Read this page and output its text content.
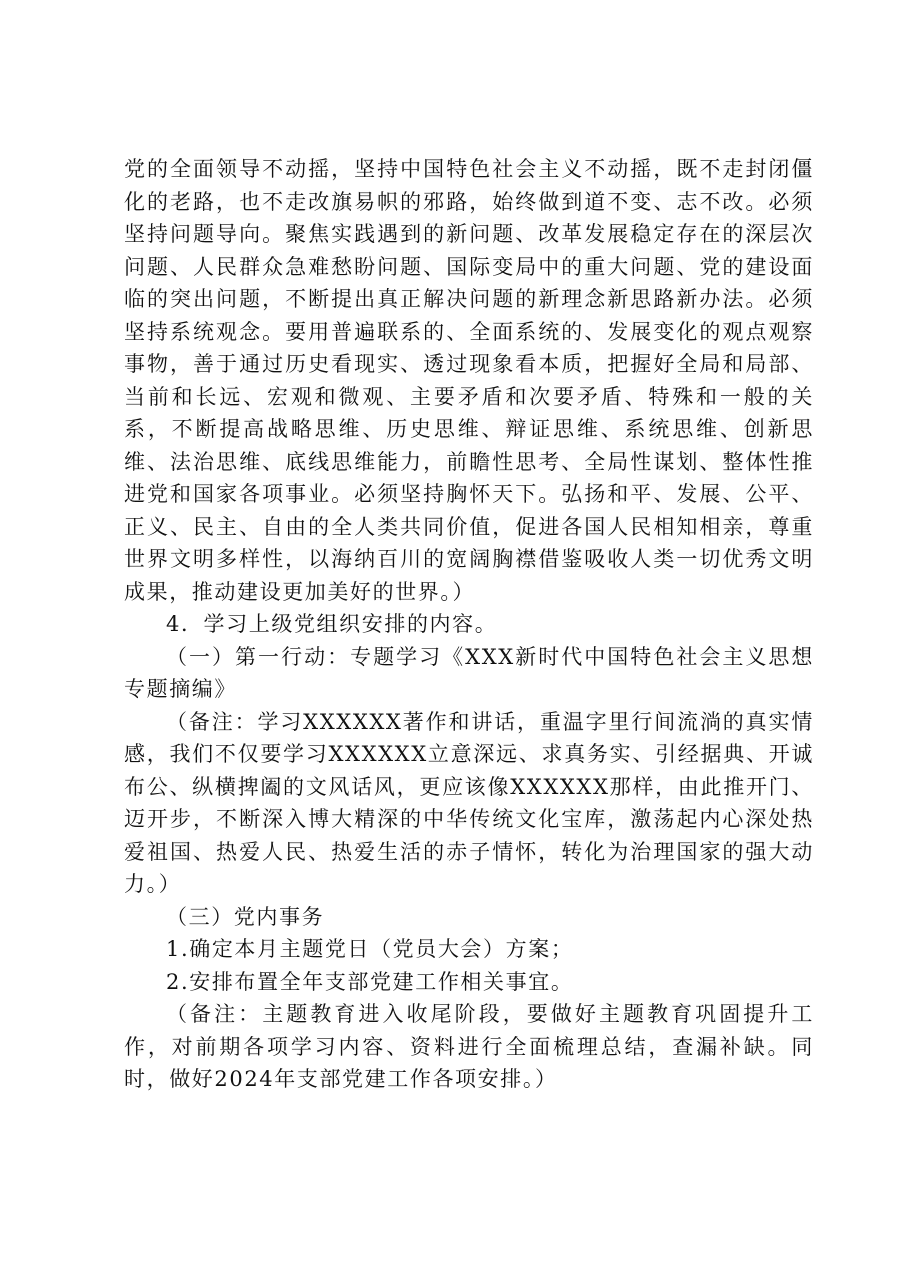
党的全面领导不动摇，坚持中国特色社会主义不动摇，既不走封闭僵化的老路，也不走改旗易帜的邪路，始终做到道不变、志不改。必须坚持问题导向。聚焦实践遇到的新问题、改革发展稳定存在的深层次问题、人民群众急难愁盼问题、国际变局中的重大问题、党的建设面临的突出问题，不断提出真正解决问题的新理念新思路新办法。必须坚持系统观念。要用普遍联系的、全面系统的、发展变化的观点观察事物，善于通过历史看现实、透过现象看本质，把握好全局和局部、当前和长远、宏观和微观、主要矛盾和次要矛盾、特殊和一般的关系，不断提高战略思维、历史思维、辩证思维、系统思维、创新思维、法治思维、底线思维能力，前瞻性思考、全局性谋划、整体性推进党和国家各项事业。必须坚持胸怀天下。弘扬和平、发展、公平、正义、民主、自由的全人类共同价值，促进各国人民相知相亲，尊重世界文明多样性，以海纳百川的宽阔胸襟借鉴吸收人类一切优秀文明成果，推动建设更加美好的世界。）

4．学习上级党组织安排的内容。

（一）第一行动：专题学习《XXX新时代中国特色社会主义思想专题摘编》

（备注：学习XXXXXX著作和讲话，重温字里行间流淌的真实情感，我们不仅要学习XXXXXX立意深远、求真务实、引经据典、开诚布公、纵横捭阖的文风话风，更应该像XXXXXX那样，由此推开门、迈开步，不断深入博大精深的中华传统文化宝库，激荡起内心深处热爱祖国、热爱人民、热爱生活的赤子情怀，转化为治理国家的强大动力。）

（三）党内事务

1.确定本月主题党日（党员大会）方案；

2.安排布置全年支部党建工作相关事宜。

（备注：主题教育进入收尾阶段，要做好主题教育巩固提升工作，对前期各项学习内容、资料进行全面梳理总结，查漏补缺。同时，做好2024年支部党建工作各项安排。）
